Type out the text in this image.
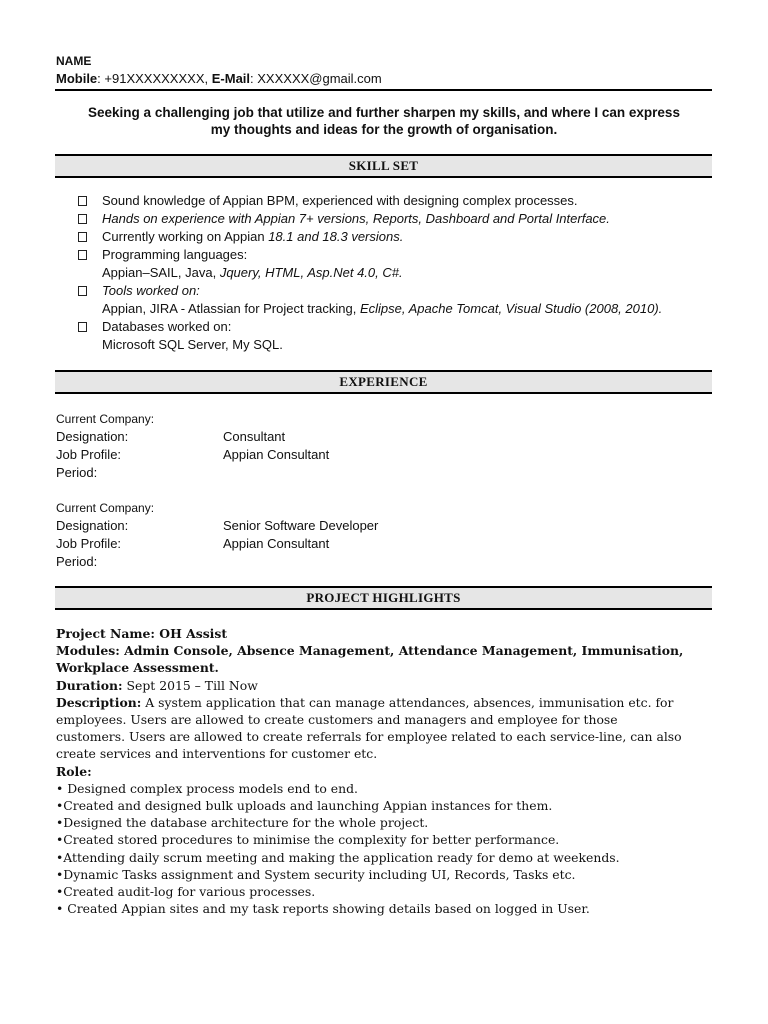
NAME
Mobile: +91XXXXXXXXX, E-Mail: XXXXXX@gmail.com
Seeking a challenging job that utilize and further sharpen my skills, and where I can express
my thoughts and ideas for the growth of organisation.
SKILL SET
Sound knowledge of Appian BPM, experienced with designing complex processes.
Hands on experience with Appian 7+ versions, Reports, Dashboard and Portal Interface.
Currently working on Appian 18.1 and 18.3 versions.
Programming languages:
Appian–SAIL, Java, Jquery, HTML, Asp.Net 4.0, C#.
Tools worked on:
Appian, JIRA - Atlassian for Project tracking, Eclipse, Apache Tomcat, Visual Studio (2008, 2010).
Databases worked on:
Microsoft SQL Server, My SQL.
EXPERIENCE
Current Company:
Designation:	Consultant
Job Profile:	Appian Consultant
Period:
Current Company:
Designation:	Senior Software Developer
Job Profile:	Appian Consultant
Period:
PROJECT HIGHLIGHTS
Project Name: OH Assist
Modules: Admin Console, Absence Management, Attendance Management, Immunisation,
Workplace Assessment.
Duration: Sept 2015 – Till Now
Description: A system application that can manage attendances, absences, immunisation etc. for
employees. Users are allowed to create customers and managers and employee for those
customers. Users are allowed to create referrals for employee related to each service-line, can also
create services and interventions for customer etc.
Role:
• Designed complex process models end to end.
•Created and designed bulk uploads and launching Appian instances for them.
•Designed the database architecture for the whole project.
•Created stored procedures to minimise the complexity for better performance.
•Attending daily scrum meeting and making the application ready for demo at weekends.
•Dynamic Tasks assignment and System security including UI, Records, Tasks etc.
•Created audit-log for various processes.
• Created Appian sites and my task reports showing details based on logged in User.
